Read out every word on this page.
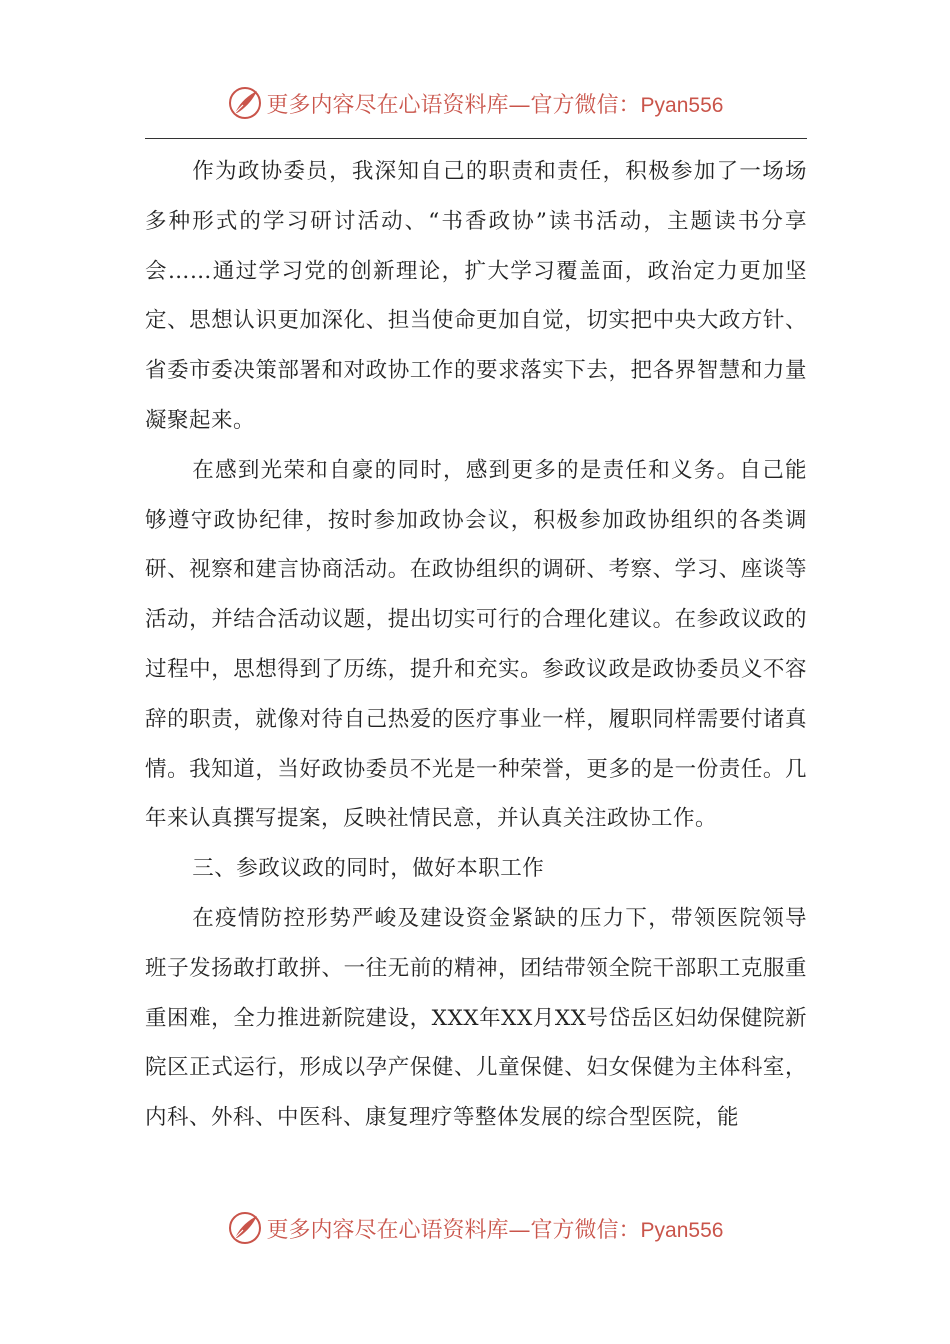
更多内容尽在心语资料库—官方微信：Pyan556

作为政协委员，我深知自己的职责和责任，积极参加了一场场多种形式的学习研讨活动、“书香政协”读书活动，主题读书分享会……通过学习党的创新理论，扩大学习覆盖面，政治定力更加坚定、思想认识更加深化、担当使命更加自觉，切实把中央大政方针、省委市委决策部署和对政协工作的要求落实下去，把各界智慧和力量凝聚起来。

在感到光荣和自豪的同时，感到更多的是责任和义务。自己能够遵守政协纪律，按时参加政协会议，积极参加政协组织的各类调研、视察和建言协商活动。在政协组织的调研、考察、学习、座谈等活动，并结合活动议题，提出切实可行的合理化建议。在参政议政的过程中，思想得到了历练，提升和充实。参政议政是政协委员义不容辞的职责，就像对待自己热爱的医疗事业一样，履职同样需要付诸真情。我知道，当好政协委员不光是一种荣誉，更多的是一份责任。几年来认真撰写提案，反映社情民意，并认真关注政协工作。

三、参政议政的同时，做好本职工作

在疫情防控形势严峻及建设资金紧缺的压力下，带领医院领导班子发扬敢打敢拼、一往无前的精神，团结带领全院干部职工克服重重困难，全力推进新院建设，XXX年XX月XX号岱岳区妇幼保健院新院区正式运行，形成以孕产保健、儿童保健、妇女保健为主体科室，内科、外科、中医科、康复理疗等整体发展的综合型医院，能

更多内容尽在心语资料库—官方微信：Pyan556
